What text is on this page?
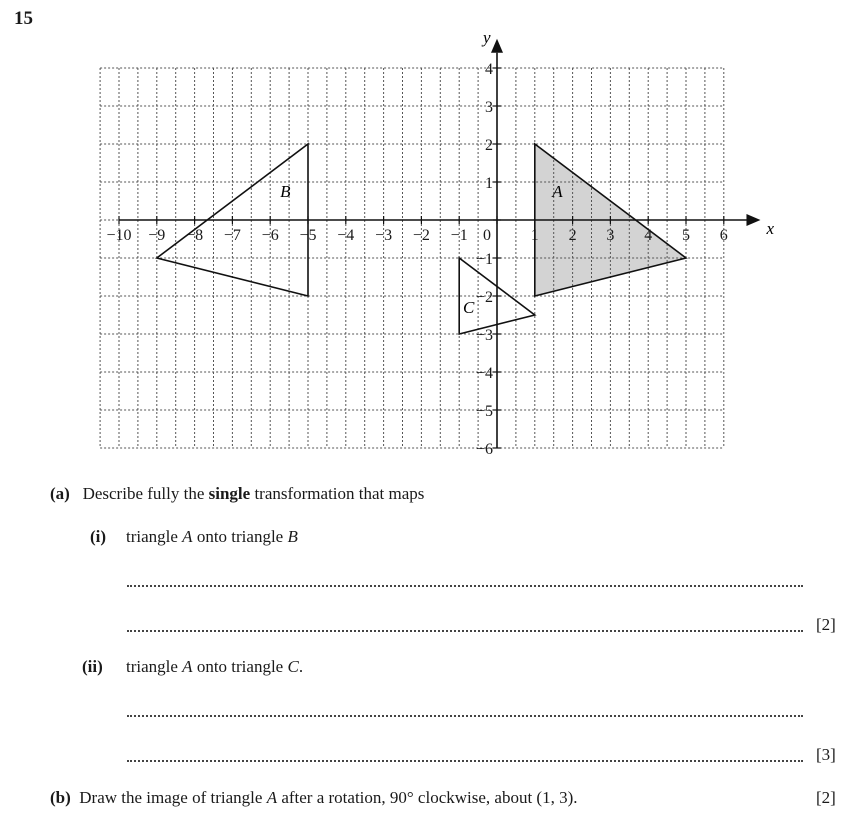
15
−10 −9 −8 −7 −6 −5 −4 −3 −2 −1 0 1 2 3 4 5 6
4
3
2
1
−1
−2
−3
−4
−5
−6
x
y
A
B
C
(a) Describe fully the single transformation that maps
(i) triangle A onto triangle B
[2]
(ii) triangle A onto triangle C.
[3]
(b) Draw the image of triangle A after a rotation, 90° clockwise, about (1, 3).	[2]
